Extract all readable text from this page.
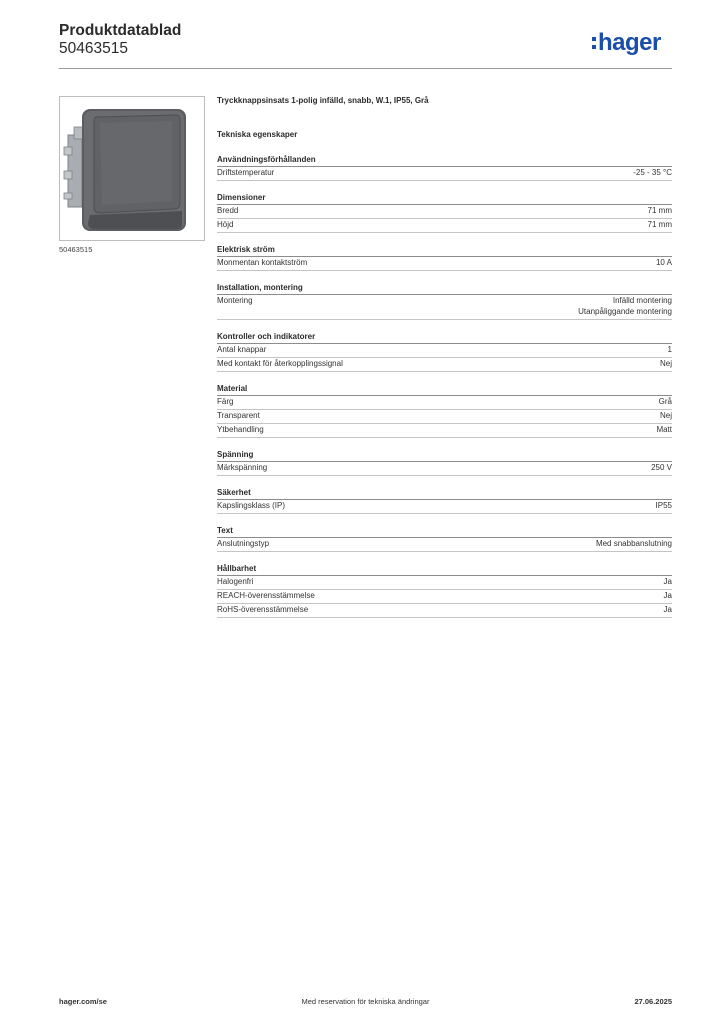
Produktdatablad
50463515	hager
50463515
Tryckknappsinsats 1-polig infälld, snabb, W.1, IP55, Grå
Tekniska egenskaper
Användningsförhållanden
Driftstemperatur	-25 - 35 °C
Dimensioner
Bredd	71 mm
Höjd	71 mm
Elektrisk ström
Monmentan kontaktström	10 A
Installation, montering
Montering	Infälld montering
Utanpåliggande montering
Kontroller och indikatorer
Antal knappar	1
Med kontakt för återkopplingssignal	Nej
Material
Färg	Grå
Transparent	Nej
Ytbehandling	Matt
Spänning
Märkspänning	250 V
Säkerhet
Kapslingsklass (IP)	IP55
Text
Anslutningstyp	Med snabbanslutning
Hållbarhet
Halogenfri	Ja
REACH-överensstämmelse	Ja
RoHS-överensstämmelse	Ja
hager.com/se	Med reservation för tekniska ändringar	27.06.2025
